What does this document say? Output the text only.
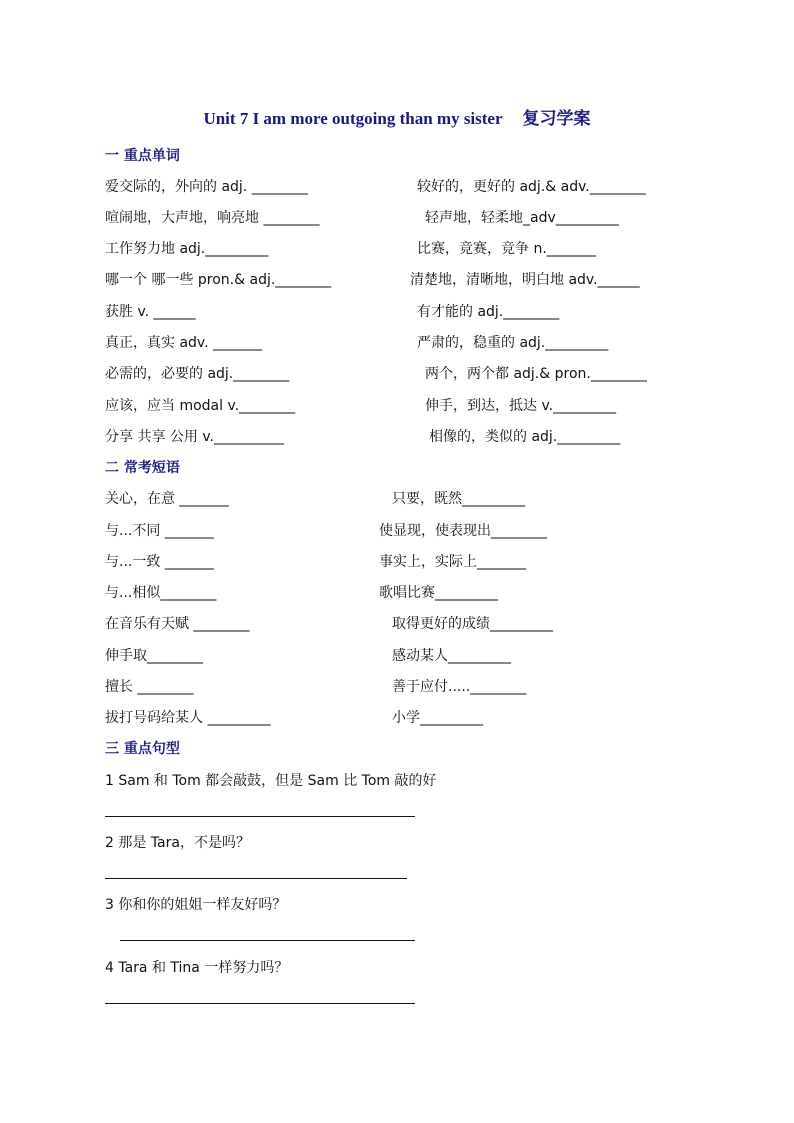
Unit 7 I am more outgoing than my sister 复习学案
一 重点单词
爱交际的，外向的 adj. ________	较好的，更好的 adj.& adv.________
喧闹地，大声地，响亮地 ________	轻声地，轻柔地_adv_________
工作努力地 adj._________	比赛，竞赛，竞争 n._______
哪一个 哪一些 pron.& adj.________	清楚地，清晰地，明白地 adv.______
获胜 v. ______	有才能的 adj.________
真正，真实 adv. _______	严肃的，稳重的 adj._________
必需的，必要的 adj.________	两个，两个都 adj.& pron.________
应该，应当 modal v.________	伸手，到达，抵达 v._________
分享 共享 公用 v.__________	相像的，类似的 adj._________
二 常考短语
关心，在意 _______	只要，既然_________
与...不同 _______	使显现，使表现出________
与...一致 _______	事实上，实际上_______
与...相似________	歌唱比赛_________
在音乐有天赋 ________	取得更好的成绩_________
伸手取________	感动某人_________
擅长 ________	善于应付.....________
拔打号码给某人 _________	小学_________
三 重点句型
1 Sam 和 Tom 都会敲鼓，但是 Sam 比 Tom 敲的好
2 那是 Tara，不是吗？
3 你和你的姐姐一样友好吗？
4 Tara 和 Tina 一样努力吗？
